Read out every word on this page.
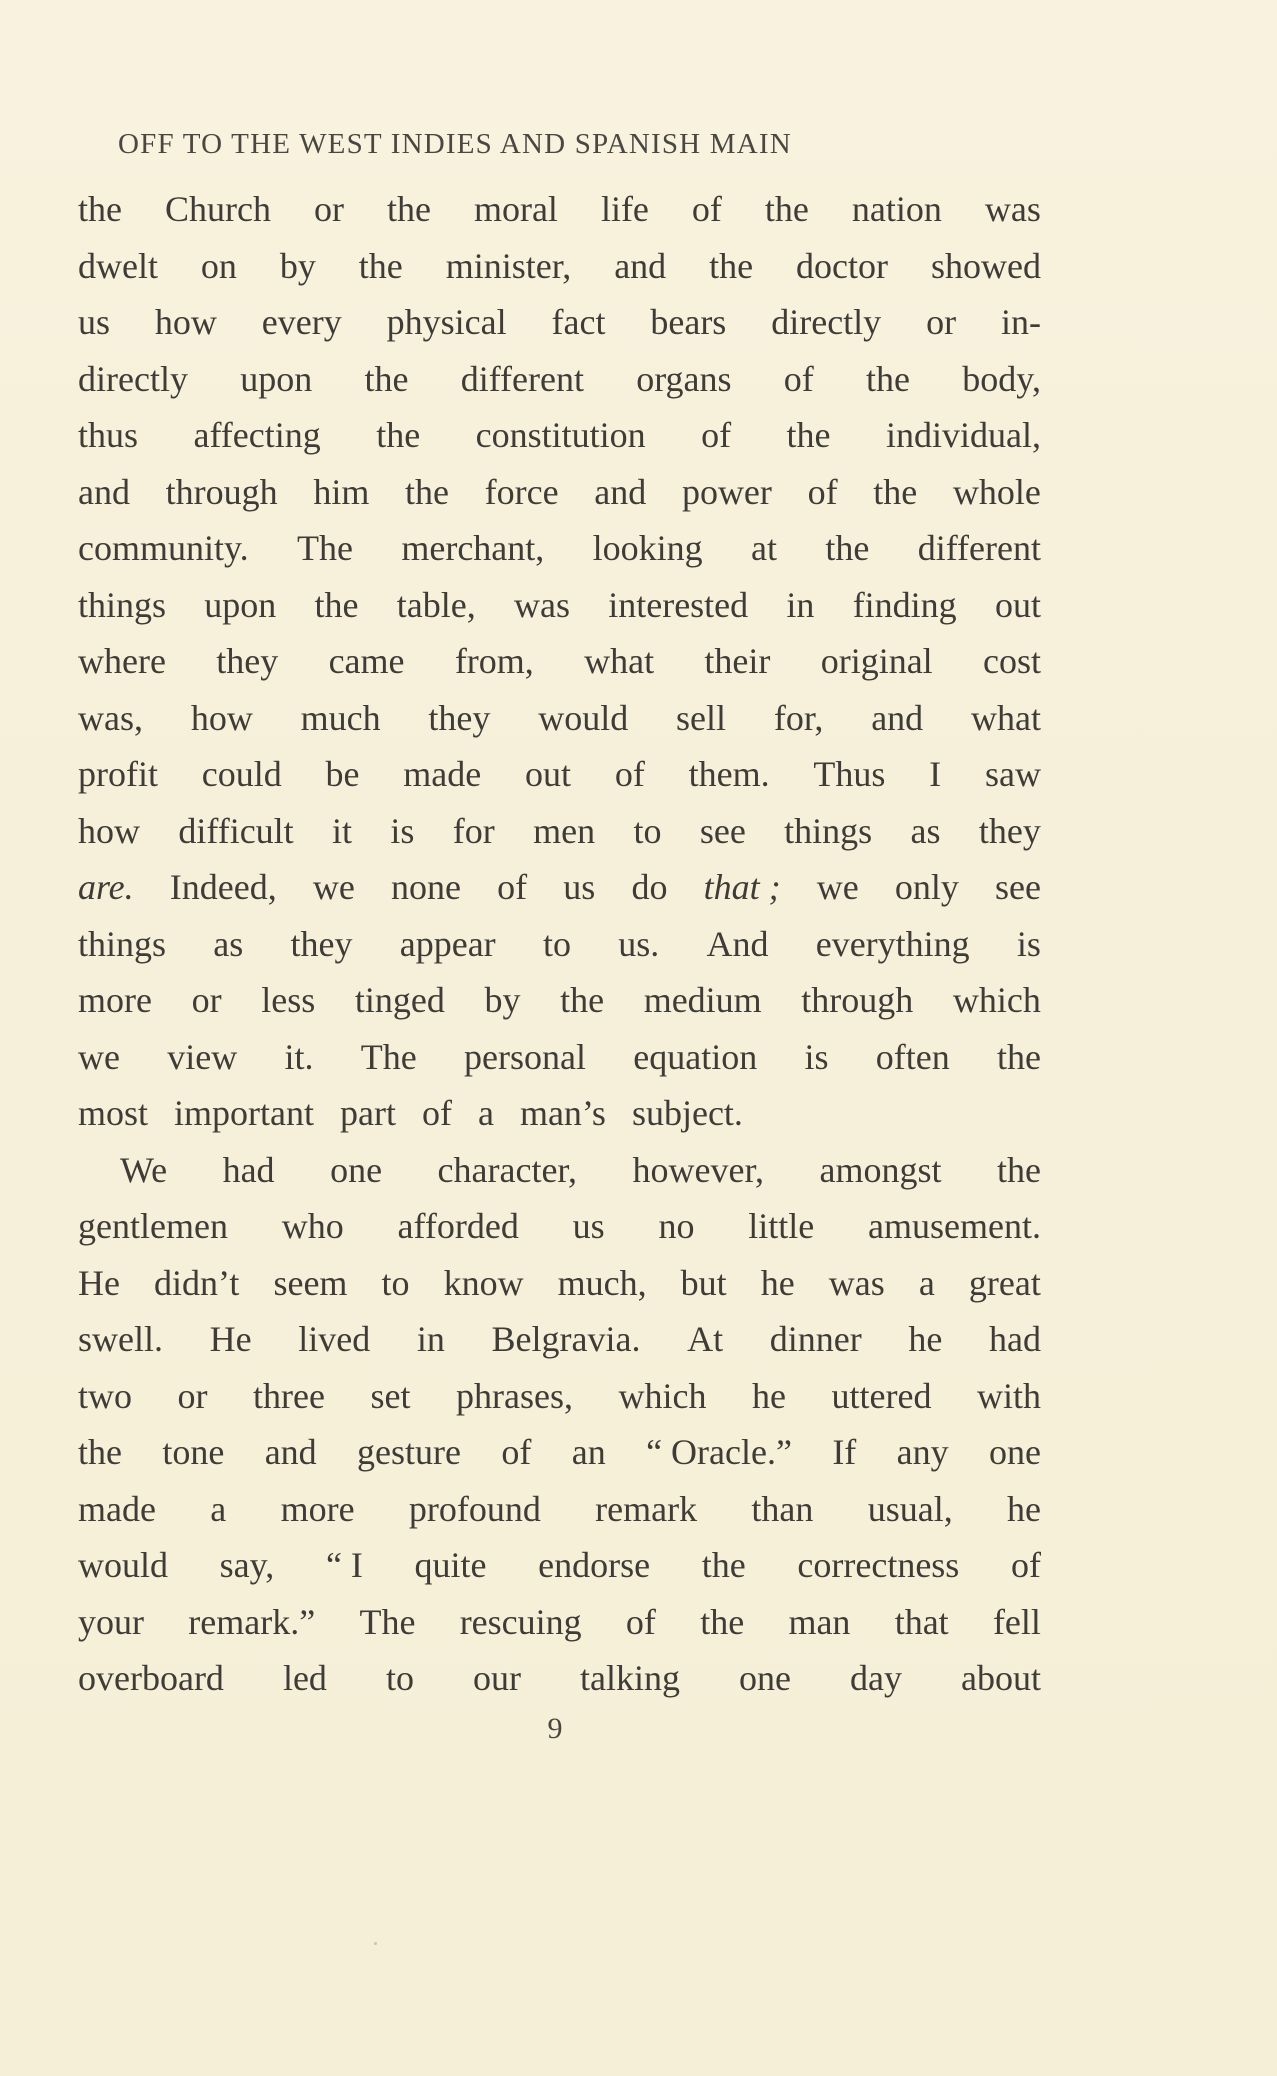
OFF TO THE WEST INDIES AND SPANISH MAIN
the Church or the moral life of the nation was
dwelt on by the minister, and the doctor showed
us how every physical fact bears directly or in-
directly upon the different organs of the body,
thus affecting the constitution of the individual,
and through him the force and power of the whole
community. The merchant, looking at the different
things upon the table, was interested in finding out
where they came from, what their original cost
was, how much they would sell for, and what
profit could be made out of them. Thus I saw
how difficult it is for men to see things as they
are. Indeed, we none of us do that ; we only see
things as they appear to us. And everything is
more or less tinged by the medium through which
we view it. The personal equation is often the
most important part of a man’s subject.
We had one character, however, amongst the
gentlemen who afforded us no little amusement.
He didn’t seem to know much, but he was a great
swell. He lived in Belgravia. At dinner he had
two or three set phrases, which he uttered with
the tone and gesture of an “ Oracle.” If any one
made a more profound remark than usual, he
would say, “ I quite endorse the correctness of
your remark.” The rescuing of the man that fell
overboard led to our talking one day about
9
